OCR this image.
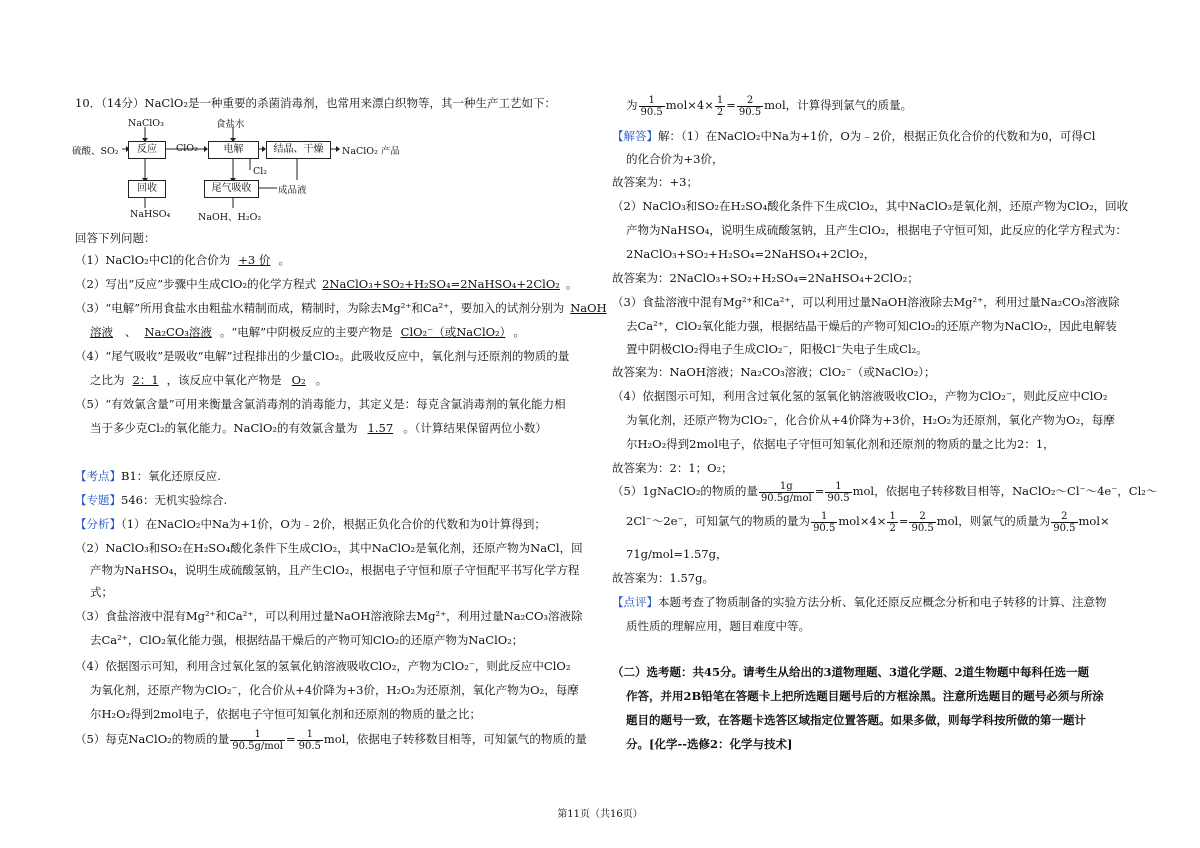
10．（14分）NaClO₂是一种重要的杀菌消毒剂，也常用来漂白织物等，其一种生产工艺如下：
NaClO₃	食盐水
硫酸、SO₂	反应	ClO₂	电解	结晶、干燥	NaClO₂ 产品
Cl₂
回收	尾气吸收	成品液
NaHSO₄	NaOH、H₂O₂
回答下列问题：
（1）NaClO₂中Cl的化合价为 +3 价 。
（2）写出“反应”步骤中生成ClO₂的化学方程式 2NaClO₃+SO₂+H₂SO₄=2NaHSO₄+2ClO₂ 。
（3）“电解”所用食盐水由粗盐水精制而成，精制时，为除去Mg²⁺和Ca²⁺，要加入的试剂分别为 NaOH
溶液 、 Na₂CO₃溶液 。“电解”中阴极反应的主要产物是 ClO₂⁻（或NaClO₂） 。
（4）“尾气吸收”是吸收“电解”过程排出的少量ClO₂。此吸收反应中，氧化剂与还原剂的物质的量
之比为 2：1 ，该反应中氧化产物是 O₂ 。
（5）“有效氯含量”可用来衡量含氯消毒剂的消毒能力，其定义是：每克含氯消毒剂的氧化能力相
当于多少克Cl₂的氧化能力。NaClO₂的有效氯含量为 1.57 。（计算结果保留两位小数）
【考点】B1：氧化还原反应.
【专题】546：无机实验综合.
【分析】（1）在NaClO₂中Na为+1价，O为﹣2价，根据正负化合价的代数和为0计算得到；
（2）NaClO₃和SO₂在H₂SO₄酸化条件下生成ClO₂，其中NaClO₂是氧化剂，还原产物为NaCl，回
产物为NaHSO₄，说明生成硫酸氢钠，且产生ClO₂，根据电子守恒和原子守恒配平书写化学方程
式；
（3）食盐溶液中混有Mg²⁺和Ca²⁺，可以利用过量NaOH溶液除去Mg²⁺，利用过量Na₂CO₃溶液除
去Ca²⁺，ClO₂氧化能力强，根据结晶干燥后的产物可知ClO₂的还原产物为NaClO₂；
（4）依据图示可知，利用含过氧化氢的氢氧化钠溶液吸收ClO₂，产物为ClO₂⁻，则此反应中ClO₂
为氧化剂，还原产物为ClO₂⁻，化合价从+4价降为+3价，H₂O₂为还原剂，氧化产物为O₂，每摩
尔H₂O₂得到2mol电子，依据电子守恒可知氧化剂和还原剂的物质的量之比；
（5）每克NaClO₂的物质的量 $\frac{1}{\text{90.5g/mol}} = \frac{1}{90.5}$ mol，依据电子转移数目相等，可知氯气的物质的量
为 $\frac{1}{90.5} mol\times 4\times \frac{1}{2} = \frac{2}{90.5}$ mol，计算得到氯气的质量。
【解答】解：（1）在NaClO₂中Na为+1价，O为﹣2价，根据正负化合价的代数和为0，可得Cl
的化合价为+3价，
故答案为：+3；
（2）NaClO₃和SO₂在H₂SO₄酸化条件下生成ClO₂，其中NaClO₃是氧化剂，还原产物为ClO₂，回收
产物为NaHSO₄，说明生成硫酸氢钠，且产生ClO₂，根据电子守恒可知，此反应的化学方程式为：
2NaClO₃+SO₂+H₂SO₄=2NaHSO₄+2ClO₂，
故答案为：2NaClO₃+SO₂+H₂SO₄=2NaHSO₄+2ClO₂；
（3）食盐溶液中混有Mg²⁺和Ca²⁺，可以利用过量NaOH溶液除去Mg²⁺，利用过量Na₂CO₃溶液除
去Ca²⁺，ClO₂氧化能力强，根据结晶干燥后的产物可知ClO₂的还原产物为NaClO₂，因此电解装
置中阴极ClO₂得电子生成ClO₂⁻，阳极Cl⁻失电子生成Cl₂。
故答案为：NaOH溶液；Na₂CO₃溶液；ClO₂⁻（或NaClO₂）；
（4）依据图示可知，利用含过氧化氢的氢氧化钠溶液吸收ClO₂，产物为ClO₂⁻，则此反应中ClO₂
为氧化剂，还原产物为ClO₂⁻，化合价从+4价降为+3价，H₂O₂为还原剂，氧化产物为O₂，每摩
尔H₂O₂得到2mol电子，依据电子守恒可知氧化剂和还原剂的物质的量之比为2：1，
故答案为：2：1；O₂；
（5）1gNaClO₂的物质的量 $\frac{1g}{\text{90.5g/mol}} = \frac{1}{90.5}$ mol，依据电子转移数目相等，NaClO₂～Cl⁻～4e⁻，Cl₂～
2Cl⁻～2e⁻，可知氯气的物质的量为 $\frac{1}{90.5} mol\times 4\times \frac{1}{2} = \frac{2}{90.5}$ mol，则氯气的质量为 $\frac{2}{90.5} mol\times$
71g/mol=1.57g，
故答案为：1.57g。
【点评】本题考查了物质制备的实验方法分析、氧化还原反应概念分析和电子转移的计算、注意物
质性质的理解应用，题目难度中等。
（二）选考题：共45分。请考生从给出的3道物理题、3道化学题、2道生物题中每科任选一题
作答，并用2B铅笔在答题卡上把所选题目题号后的方框涂黑。注意所选题目的题号必须与所涂
题目的题号一致，在答题卡选答区域指定位置答题。如果多做，则每学科按所做的第一题计
分。[化学--选修2：化学与技术]
第11页（共16页）
